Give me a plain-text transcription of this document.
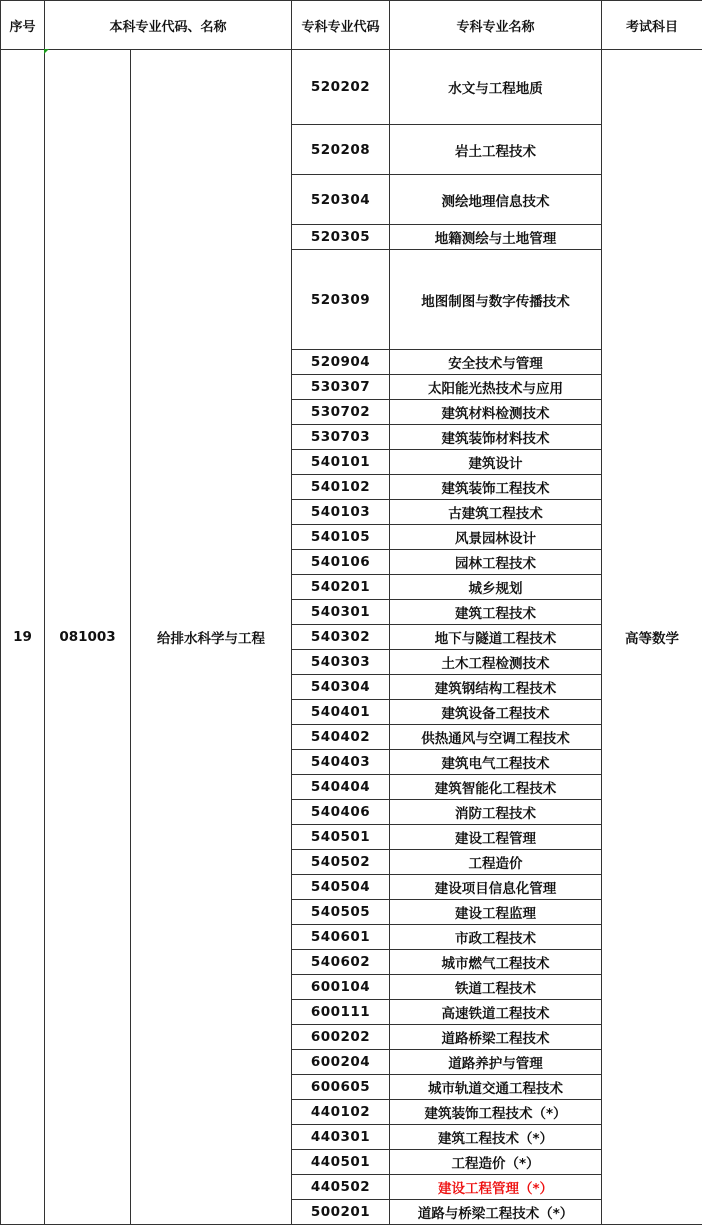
序号	本科专业代码、名称		专科专业代码	专科专业名称	考试科目
19	081003	给排水科学与工程	520202	水文与工程地质	高等数学
			520208	岩土工程技术	
			520304	测绘地理信息技术	
			520305	地籍测绘与土地管理	
			520309	地图制图与数字传播技术	
			520904	安全技术与管理	
			530307	太阳能光热技术与应用	
			530702	建筑材料检测技术	
			530703	建筑装饰材料技术	
			540101	建筑设计	
			540102	建筑装饰工程技术	
			540103	古建筑工程技术	
			540105	风景园林设计	
			540106	园林工程技术	
			540201	城乡规划	
			540301	建筑工程技术	
			540302	地下与隧道工程技术	
			540303	土木工程检测技术	
			540304	建筑钢结构工程技术	
			540401	建筑设备工程技术	
			540402	供热通风与空调工程技术	
			540403	建筑电气工程技术	
			540404	建筑智能化工程技术	
			540406	消防工程技术	
			540501	建设工程管理	
			540502	工程造价	
			540504	建设项目信息化管理	
			540505	建设工程监理	
			540601	市政工程技术	
			540602	城市燃气工程技术	
			600104	铁道工程技术	
			600111	高速铁道工程技术	
			600202	道路桥梁工程技术	
			600204	道路养护与管理	
			600605	城市轨道交通工程技术	
			440102	建筑装饰工程技术（*）	
			440301	建筑工程技术（*）	
			440501	工程造价（*）	
			440502	建设工程管理（*）	
			500201	道路与桥梁工程技术（*）	
